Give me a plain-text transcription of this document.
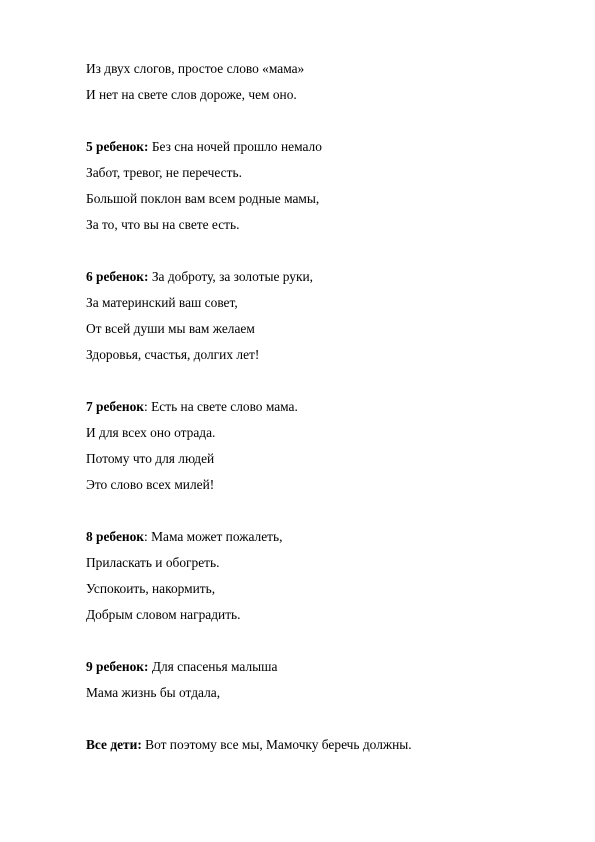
Из двух слогов, простое слово «мама»
И нет на свете слов дороже, чем оно.
5 ребенок: Без сна ночей прошло немало
Забот, тревог, не перечесть.
Большой поклон вам всем родные мамы,
За то, что вы на свете есть.
6 ребенок: За доброту, за золотые руки,
За материнский ваш совет,
От всей души мы вам желаем
Здоровья, счастья, долгих лет!
7 ребенок: Есть на свете слово мама.
И для всех оно отрада.
Потому что для людей
Это слово всех милей!
8 ребенок: Мама может пожалеть,
Приласкать и обогреть.
Успокоить, накормить,
Добрым словом наградить.
9 ребенок: Для спасенья малыша
Мама жизнь бы отдала,
Все дети: Вот поэтому все мы, Мамочку беречь должны.
